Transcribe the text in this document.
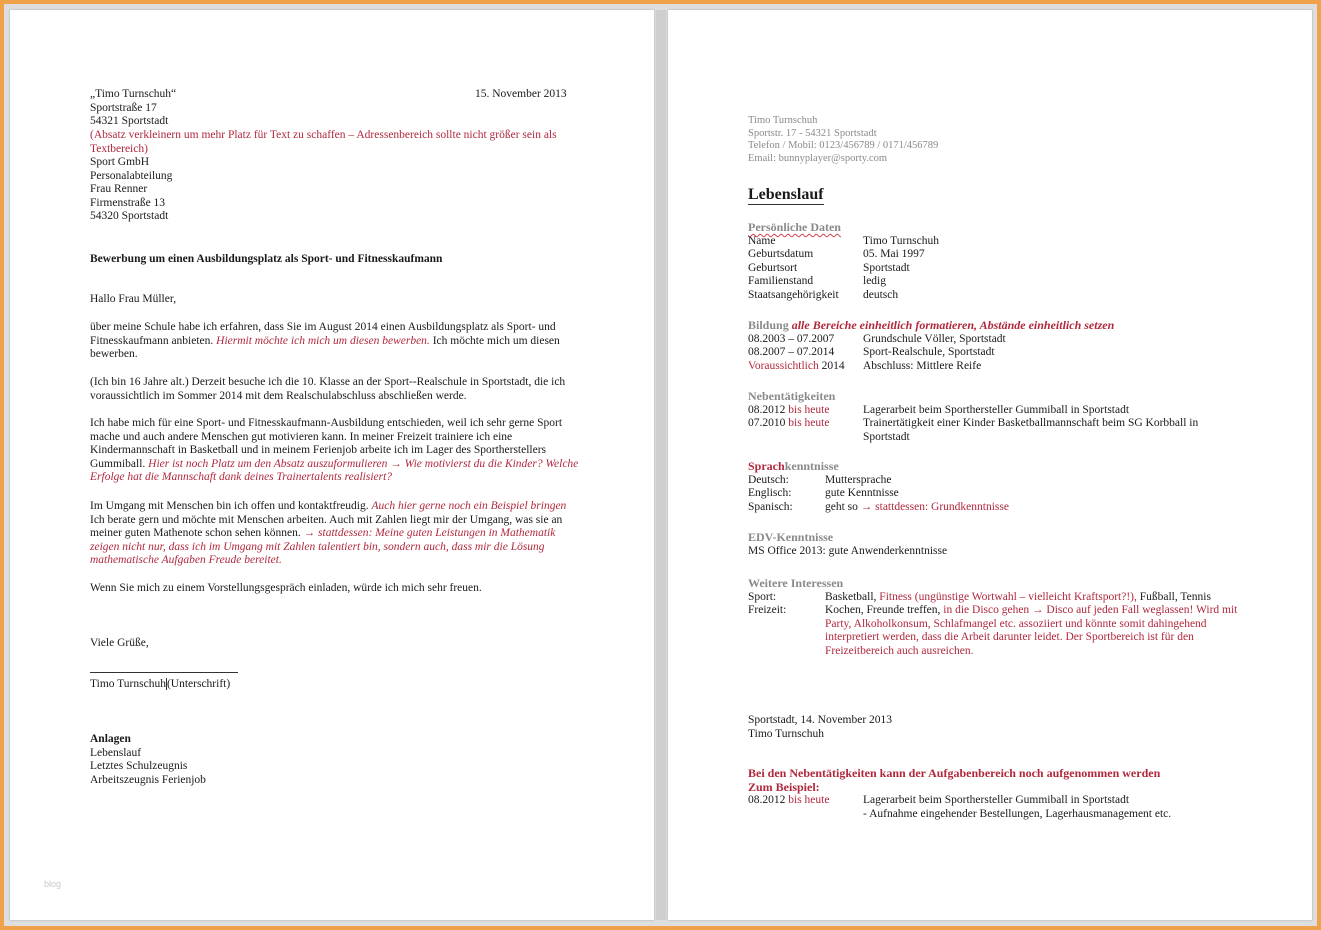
„Timo Turnschuh“
Sportstraße 17
54321 Sportstadt
15. November 2013
(Absatz verkleinern um mehr Platz für Text zu schaffen – Adressenbereich sollte nicht größer sein als Textbereich)
Sport GmbH
Personalabteilung
Frau Renner
Firmenstraße 13
54320 Sportstadt
Bewerbung um einen Ausbildungsplatz als Sport- und Fitnesskaufmann
Hallo Frau Müller,
über meine Schule habe ich erfahren, dass Sie im August 2014 einen Ausbildungsplatz als Sport- und Fitnesskaufmann anbieten. Hiermit möchte ich mich um diesen bewerben. Ich möchte mich um diesen bewerben.
(Ich bin 16 Jahre alt.) Derzeit besuche ich die 10. Klasse an der Sport--Realschule in Sportstadt, die ich voraussichtlich im Sommer 2014 mit dem Realschulabschluss abschließen werde.
Ich habe mich für eine Sport- und Fitnesskaufmann-Ausbildung entschieden, weil ich sehr gerne Sport mache und auch andere Menschen gut motivieren kann. In meiner Freizeit trainiere ich eine Kindermannschaft in Basketball und in meinem Ferienjob arbeite ich im Lager des Sportherstellers Gummiball. Hier ist noch Platz um den Absatz auszuformulieren → Wie motivierst du die Kinder? Welche Erfolge hat die Mannschaft dank deines Trainertalents realisiert?
Im Umgang mit Menschen bin ich offen und kontaktfreudig. Auch hier gerne noch ein Beispiel bringen Ich berate gern und möchte mit Menschen arbeiten. Auch mit Zahlen liegt mir der Umgang, was sie an meiner guten Mathenote schon sehen können. → stattdessen: Meine guten Leistungen in Mathematik zeigen nicht nur, dass ich im Umgang mit Zahlen talentiert bin, sondern auch, dass mir die Lösung mathematische Aufgaben Freude bereitet.
Wenn Sie mich zu einem Vorstellungsgespräch einladen, würde ich mich sehr freuen.
Viele Grüße,
Timo Turnschuh(Unterschrift)
Anlagen
Lebenslauf
Letztes Schulzeugnis
Arbeitszeugnis Ferienjob
blog
Timo Turnschuh
Sportstr. 17 - 54321 Sportstadt
Telefon / Mobil: 0123/456789 / 0171/456789
Email: bunnyplayer@sporty.com
Lebenslauf
Persönliche Daten
Name	Timo Turnschuh
Geburtsdatum	05. Mai 1997
Geburtsort	Sportstadt
Familienstand	ledig
Staatsangehörigkeit	deutsch
Bildung alle Bereiche einheitlich formatieren, Abstände einheitlich setzen
08.2003 – 07.2007	Grundschule Völler, Sportstadt
08.2007 – 07.2014	Sport-Realschule, Sportstadt
Voraussichtlich 2014	Abschluss: Mittlere Reife
Nebentätigkeiten
08.2012 bis heute	Lagerarbeit beim Sporthersteller Gummiball in Sportstadt
07.2010 bis heute	Trainertätigkeit einer Kinder Basketballmannschaft beim SG Korbball in Sportstadt
Sprachkenntnisse
Deutsch:	Muttersprache
Englisch:	gute Kenntnisse
Spanisch:	geht so → stattdessen: Grundkenntnisse
EDV-Kenntnisse
MS Office 2013: gute Anwenderkenntnisse
Weitere Interessen
Sport:	Basketball, Fitness (ungünstige Wortwahl – vielleicht Kraftsport?!), Fußball, Tennis
Freizeit:	Kochen, Freunde treffen, in die Disco gehen → Disco auf jeden Fall weglassen! Wird mit Party, Alkoholkonsum, Schlafmangel etc. assoziiert und könnte somit dahingehend interpretiert werden, dass die Arbeit darunter leidet. Der Sportbereich ist für den Freizeitbereich auch ausreichen.
Sportstadt, 14. November 2013
Timo Turnschuh
Bei den Nebentätigkeiten kann der Aufgabenbereich noch aufgenommen werden
Zum Beispiel:
08.2012 bis heute	Lagerarbeit beim Sporthersteller Gummiball in Sportstadt
- Aufnahme eingehender Bestellungen, Lagerhausmanagement etc.
